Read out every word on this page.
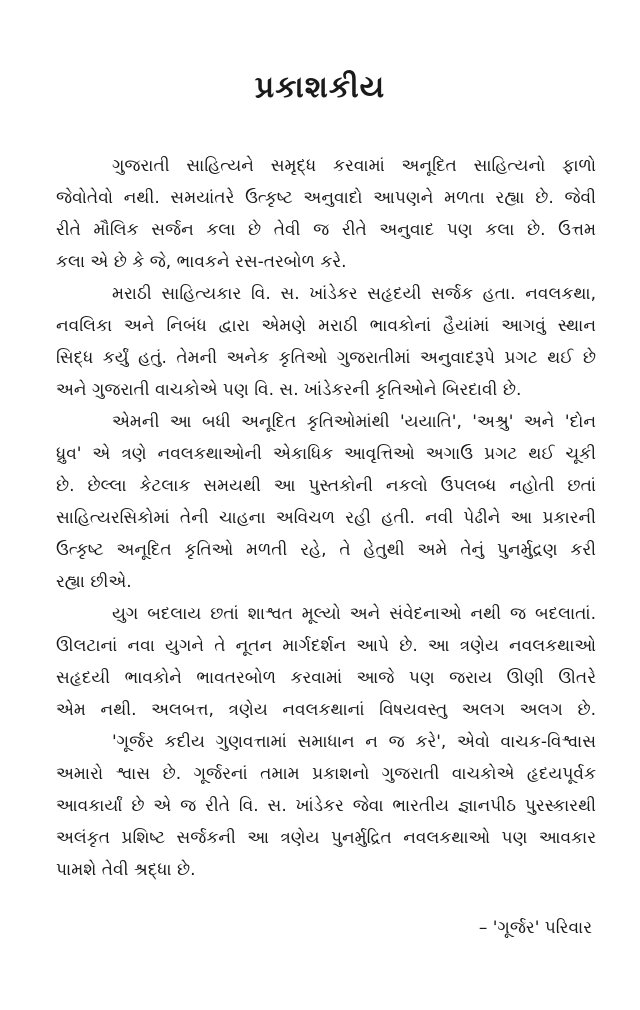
પ્રકાશકીય
ગુજરાતી સાહિત્યને સમૃદ્ધ કરવામાં અનૂદિત સાહિત્યનો ફાળો
જેવોતેવો નથી. સમયાંતરે ઉત્કૃષ્ટ અનુવાદો આપણને મળતા રહ્યા છે. જેવી
રીતે મૌલિક સર્જન કલા છે તેવી જ રીતે અનુવાદ પણ કલા છે. ઉત્તમ
કલા એ છે કે જે, ભાવકને રસ-તરબોળ કરે.
મરાઠી સાહિત્યકાર વિ. સ. ખાંડેકર સહૃદયી સર્જક હતા. નવલકથા,
નવલિકા અને નિબંધ દ્વારા એમણે મરાઠી ભાવકોનાં હૈયાંમાં આગવું સ્થાન
સિદ્ધ કર્યું હતું. તેમની અનેક કૃતિઓ ગુજરાતીમાં અનુવાદરૂપે પ્રગટ થઈ છે
અને ગુજરાતી વાચકોએ પણ વિ. સ. ખાંડેકરની કૃતિઓને બિરદાવી છે.
એમની આ બધી અનૂદિત કૃતિઓમાંથી 'યયાતિ', 'અશ્રુ' અને 'દોન
ધ્રુવ' એ ત્રણે નવલકથાઓની એકાધિક આવૃત્તિઓ અગાઉ પ્રગટ થઈ ચૂકી
છે. છેલ્લા કેટલાક સમયથી આ પુસ્તકોની નકલો ઉપલબ્ધ નહોતી છતાં
સાહિત્યરસિકોમાં તેની ચાહના અવિચળ રહી હતી. નવી પેઢીને આ પ્રકારની
ઉત્કૃષ્ટ અનૂદિત કૃતિઓ મળતી રહે, તે હેતુથી અમે તેનું પુનર્મુદ્રણ કરી
રહ્યા છીએ.
યુગ બદલાય છતાં શાશ્વત મૂલ્યો અને સંવેદનાઓ નથી જ બદલાતાં.
ઊલટાનાં નવા યુગને તે નૂતન માર્ગદર્શન આપે છે. આ ત્રણેય નવલકથાઓ
સહૃદયી ભાવકોને ભાવતરબોળ કરવામાં આજે પણ જરાય ઊણી ઊતરે
એમ નથી. અલબત્ત, ત્રણેય નવલકથાનાં વિષયવસ્તુ અલગ અલગ છે.
'ગૂર્જર કદીય ગુણવત્તામાં સમાધાન ન જ કરે', એવો વાચક-વિશ્વાસ
અમારો શ્વાસ છે. ગૂર્જરનાં તમામ પ્રકાશનો ગુજરાતી વાચકોએ હૃદયપૂર્વક
આવકાર્યાં છે એ જ રીતે વિ. સ. ખાંડેકર જેવા ભારતીય જ્ઞાનપીઠ પુરસ્કારથી
અલંકૃત પ્રશિષ્ટ સર્જકની આ ત્રણેય પુનર્મુદ્રિત નવલકથાઓ પણ આવકાર
પામશે તેવી શ્રદ્ધા છે.
– 'ગૂર્જર' પરિવાર
